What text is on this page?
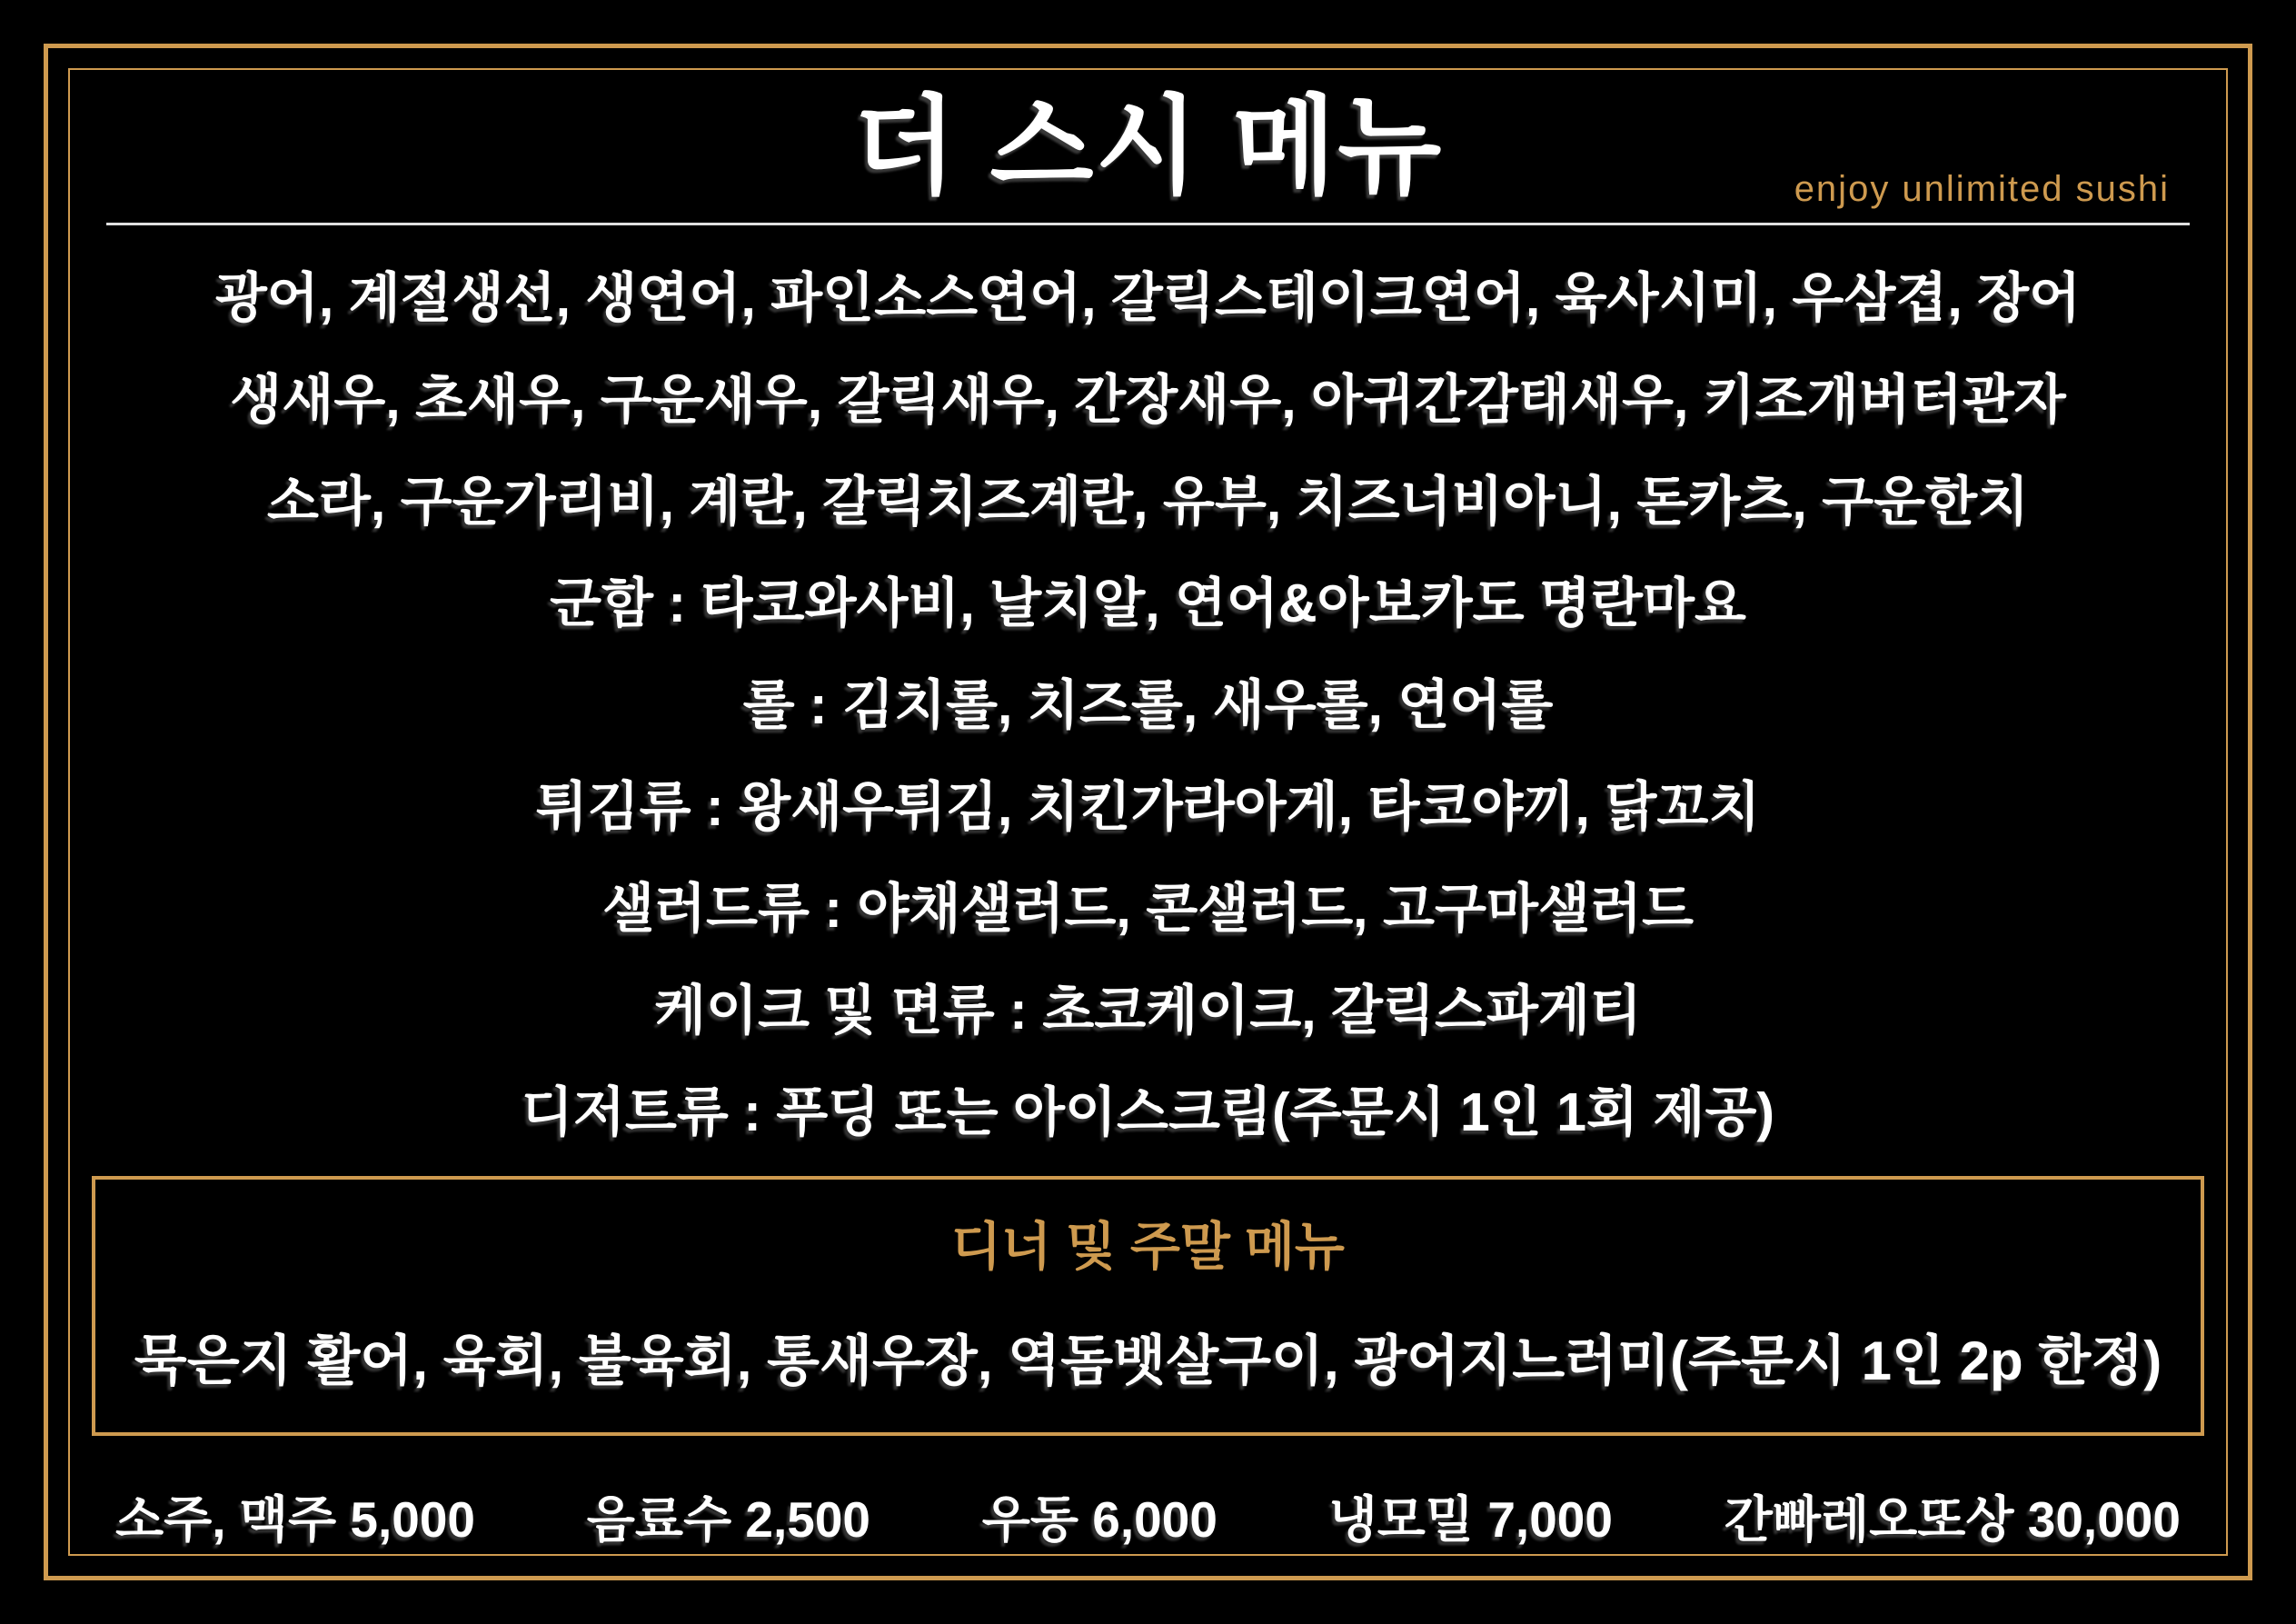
더 스시 메뉴	enjoy unlimited sushi
광어, 계절생선, 생연어, 파인소스연어, 갈릭스테이크연어, 육사시미, 우삼겹, 장어
생새우, 초새우, 구운새우, 갈릭새우, 간장새우, 아귀간감태새우, 키조개버터관자
소라, 구운가리비, 계란, 갈릭치즈계란, 유부, 치즈너비아니, 돈카츠, 구운한치
군함 : 타코와사비, 날치알, 연어&아보카도 명란마요
롤 : 김치롤, 치즈롤, 새우롤, 연어롤
튀김류 : 왕새우튀김, 치킨가라아게, 타코야끼, 닭꼬치
샐러드류 : 야채샐러드, 콘샐러드, 고구마샐러드
케이크 및 면류 : 초코케이크, 갈릭스파게티
디저트류 : 푸딩 또는 아이스크림(주문시 1인 1회 제공)
디너 및 주말 메뉴
묵은지 활어, 육회, 불육회, 통새우장, 역돔뱃살구이, 광어지느러미(주문시 1인 2p 한정)
소주, 맥주 5,000 음료수 2,500 우동 6,000 냉모밀 7,000 간빠레오또상 30,000
